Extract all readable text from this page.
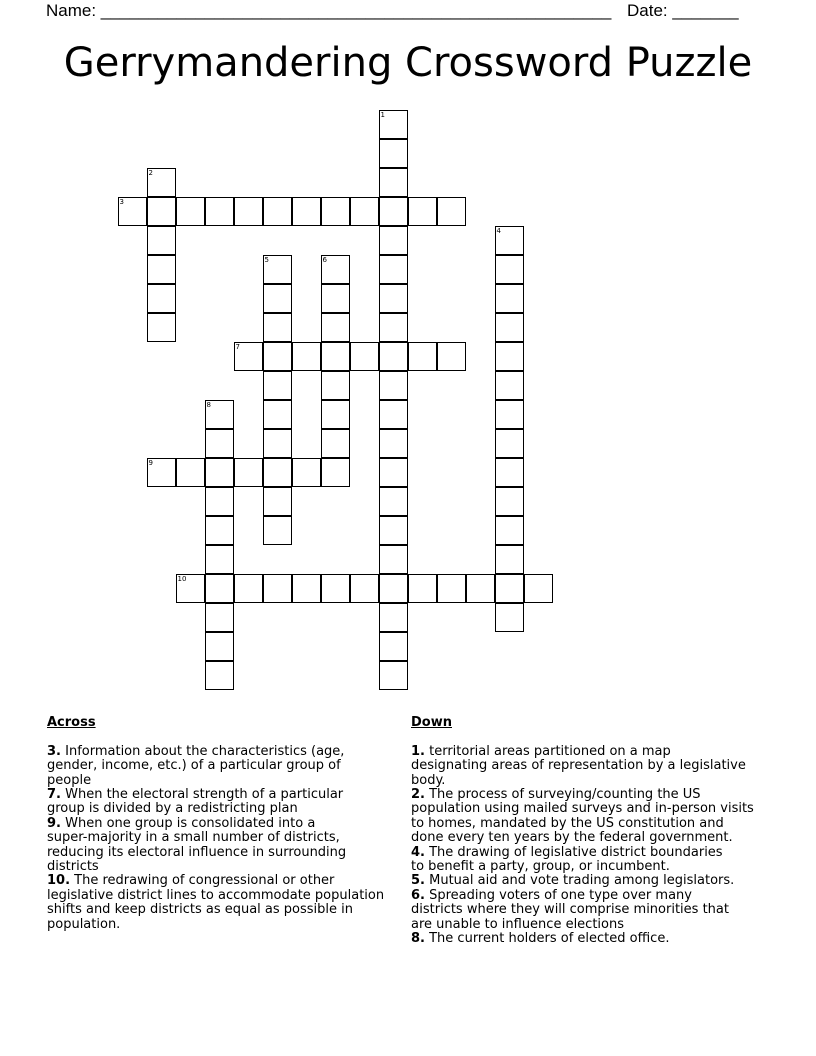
Name: ______________________________________________________ Date: _______
Gerrymandering Crossword Puzzle
1
2
3
4
5	6
7
8
9
10

Across

3. Information about the characteristics (age,
gender, income, etc.) of a particular group of
people
7. When the electoral strength of a particular
group is divided by a redistricting plan
9. When one group is consolidated into a
super-majority in a small number of districts,
reducing its electoral influence in surrounding
districts
10. The redrawing of congressional or other
legislative district lines to accommodate population
shifts and keep districts as equal as possible in
population.

Down

1. territorial areas partitioned on a map
designating areas of representation by a legislative
body.
2. The process of surveying/counting the US
population using mailed surveys and in-person visits
to homes, mandated by the US constitution and
done every ten years by the federal government.
4. The drawing of legislative district boundaries
to benefit a party, group, or incumbent.
5. Mutual aid and vote trading among legislators.
6. Spreading voters of one type over many
districts where they will comprise minorities that
are unable to influence elections
8. The current holders of elected office.
